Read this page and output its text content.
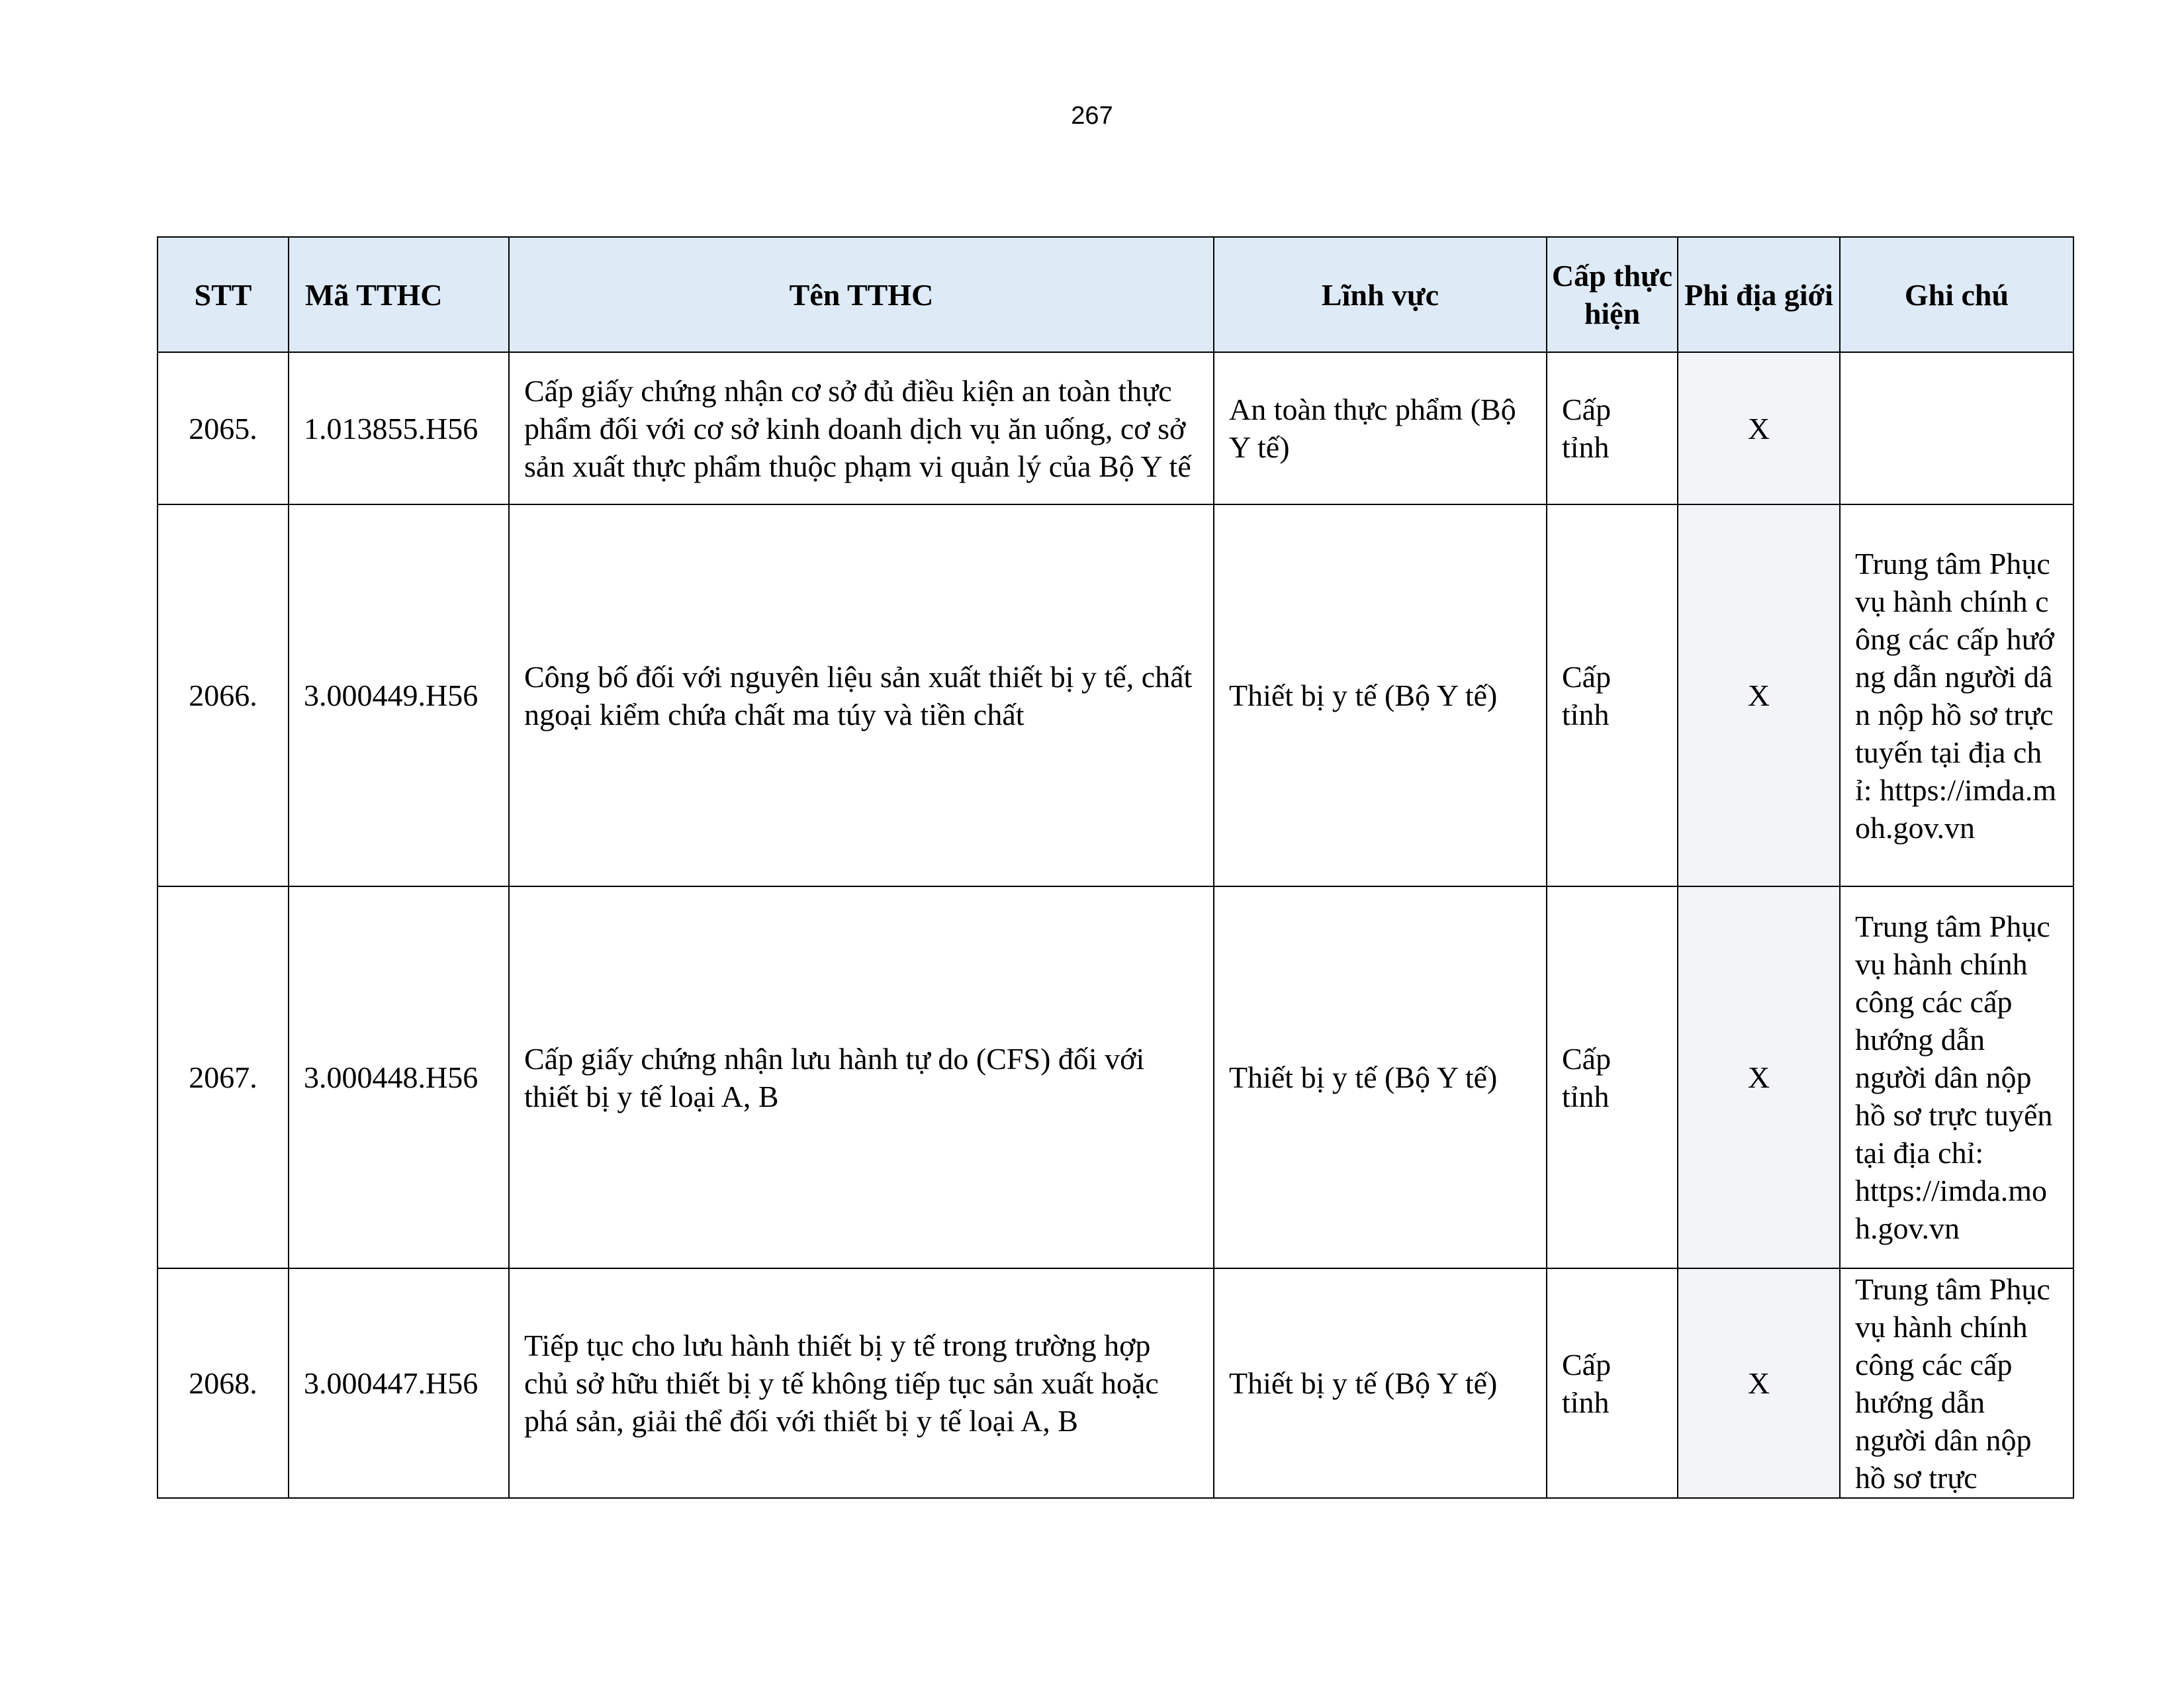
267
STT	Mã TTHC	Tên TTHC	Lĩnh vực	Cấp thực hiện	Phi địa giới	Ghi chú
2065.	1.013855.H56	Cấp giấy chứng nhận cơ sở đủ điều kiện an toàn thực phẩm đối với cơ sở kinh doanh dịch vụ ăn uống, cơ sở sản xuất thực phẩm thuộc phạm vi quản lý của Bộ Y tế	An toàn thực phẩm (Bộ Y tế)	Cấp tỉnh	X	
2066.	3.000449.H56	Công bố đối với nguyên liệu sản xuất thiết bị y tế, chất ngoại kiểm chứa chất ma túy và tiền chất	Thiết bị y tế (Bộ Y tế)	Cấp tỉnh	X	Trung tâm Phục vụ hành chính công các cấp hướng dẫn người dân nộp hồ sơ trực tuyến tại địa chỉ: https://imda.moh.gov.vn
2067.	3.000448.H56	Cấp giấy chứng nhận lưu hành tự do (CFS) đối với thiết bị y tế loại A, B	Thiết bị y tế (Bộ Y tế)	Cấp tỉnh	X	Trung tâm Phục vụ hành chính công các cấp hướng dẫn người dân nộp hồ sơ trực tuyến tại địa chỉ: https://imda.moh.gov.vn
2068.	3.000447.H56	Tiếp tục cho lưu hành thiết bị y tế trong trường hợp chủ sở hữu thiết bị y tế không tiếp tục sản xuất hoặc phá sản, giải thể đối với thiết bị y tế loại A, B	Thiết bị y tế (Bộ Y tế)	Cấp tỉnh	X	Trung tâm Phục vụ hành chính công các cấp hướng dẫn người dân nộp hồ sơ trực
